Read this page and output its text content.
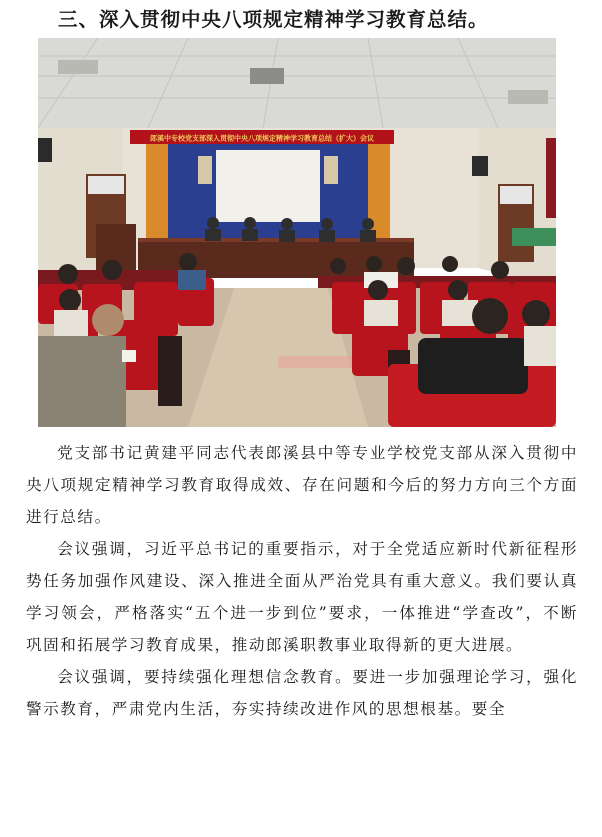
三、深入贯彻中央八项规定精神学习教育总结。
郎溪中专校党支部深入贯彻中央八项规定精神学习教育总结（扩大）会议

党支部书记黄建平同志代表郎溪县中等专业学校党支部从深入贯彻中央八项规定精神学习教育取得成效、存在问题和今后的努力方向三个方面进行总结。

会议强调，习近平总书记的重要指示，对于全党适应新时代新征程形势任务加强作风建设、深入推进全面从严治党具有重大意义。我们要认真学习领会，严格落实“五个进一步到位”要求，一体推进“学查改”，不断巩固和拓展学习教育成果，推动郎溪职教事业取得新的更大进展。

会议强调，要持续强化理想信念教育。要进一步加强理论学习，强化警示教育，严肃党内生活，夯实持续改进作风的思想根基。要全
